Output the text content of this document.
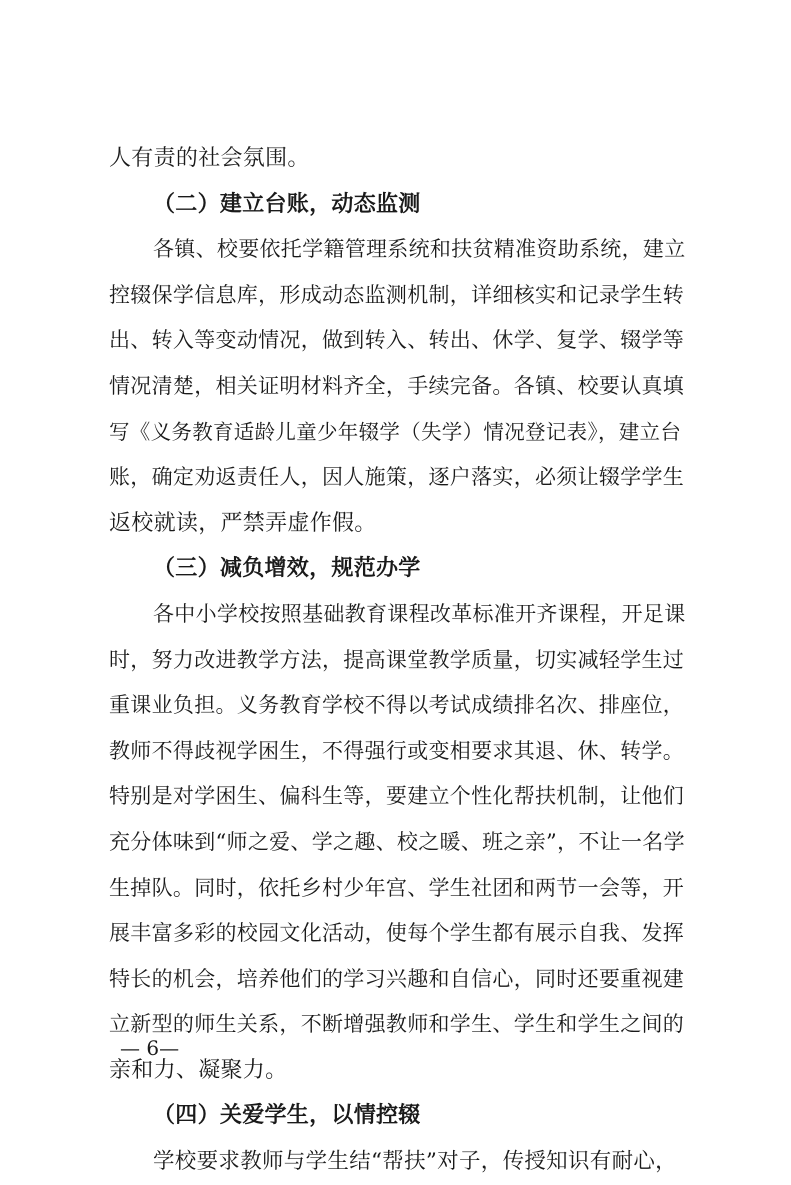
人有责的社会氛围。
（二）建立台账，动态监测
各镇、校要依托学籍管理系统和扶贫精准资助系统，建立
控辍保学信息库，形成动态监测机制，详细核实和记录学生转
出、转入等变动情况，做到转入、转出、休学、复学、辍学等
情况清楚，相关证明材料齐全，手续完备。各镇、校要认真填
写《义务教育适龄儿童少年辍学（失学）情况登记表》，建立台
账，确定劝返责任人，因人施策，逐户落实，必须让辍学学生
返校就读，严禁弄虚作假。
（三）减负增效，规范办学
各中小学校按照基础教育课程改革标准开齐课程，开足课
时，努力改进教学方法，提高课堂教学质量，切实减轻学生过
重课业负担。义务教育学校不得以考试成绩排名次、排座位，
教师不得歧视学困生，不得强行或变相要求其退、休、转学。
特别是对学困生、偏科生等，要建立个性化帮扶机制，让他们
充分体味到“师之爱、学之趣、校之暖、班之亲”，不让一名学
生掉队。同时，依托乡村少年宫、学生社团和两节一会等，开
展丰富多彩的校园文化活动，使每个学生都有展示自我、发挥
特长的机会，培养他们的学习兴趣和自信心，同时还要重视建
立新型的师生关系，不断增强教师和学生、学生和学生之间的
亲和力、凝聚力。
（四）关爱学生，以情控辍
学校要求教师与学生结“帮扶”对子，传授知识有耐心，
— 6—
